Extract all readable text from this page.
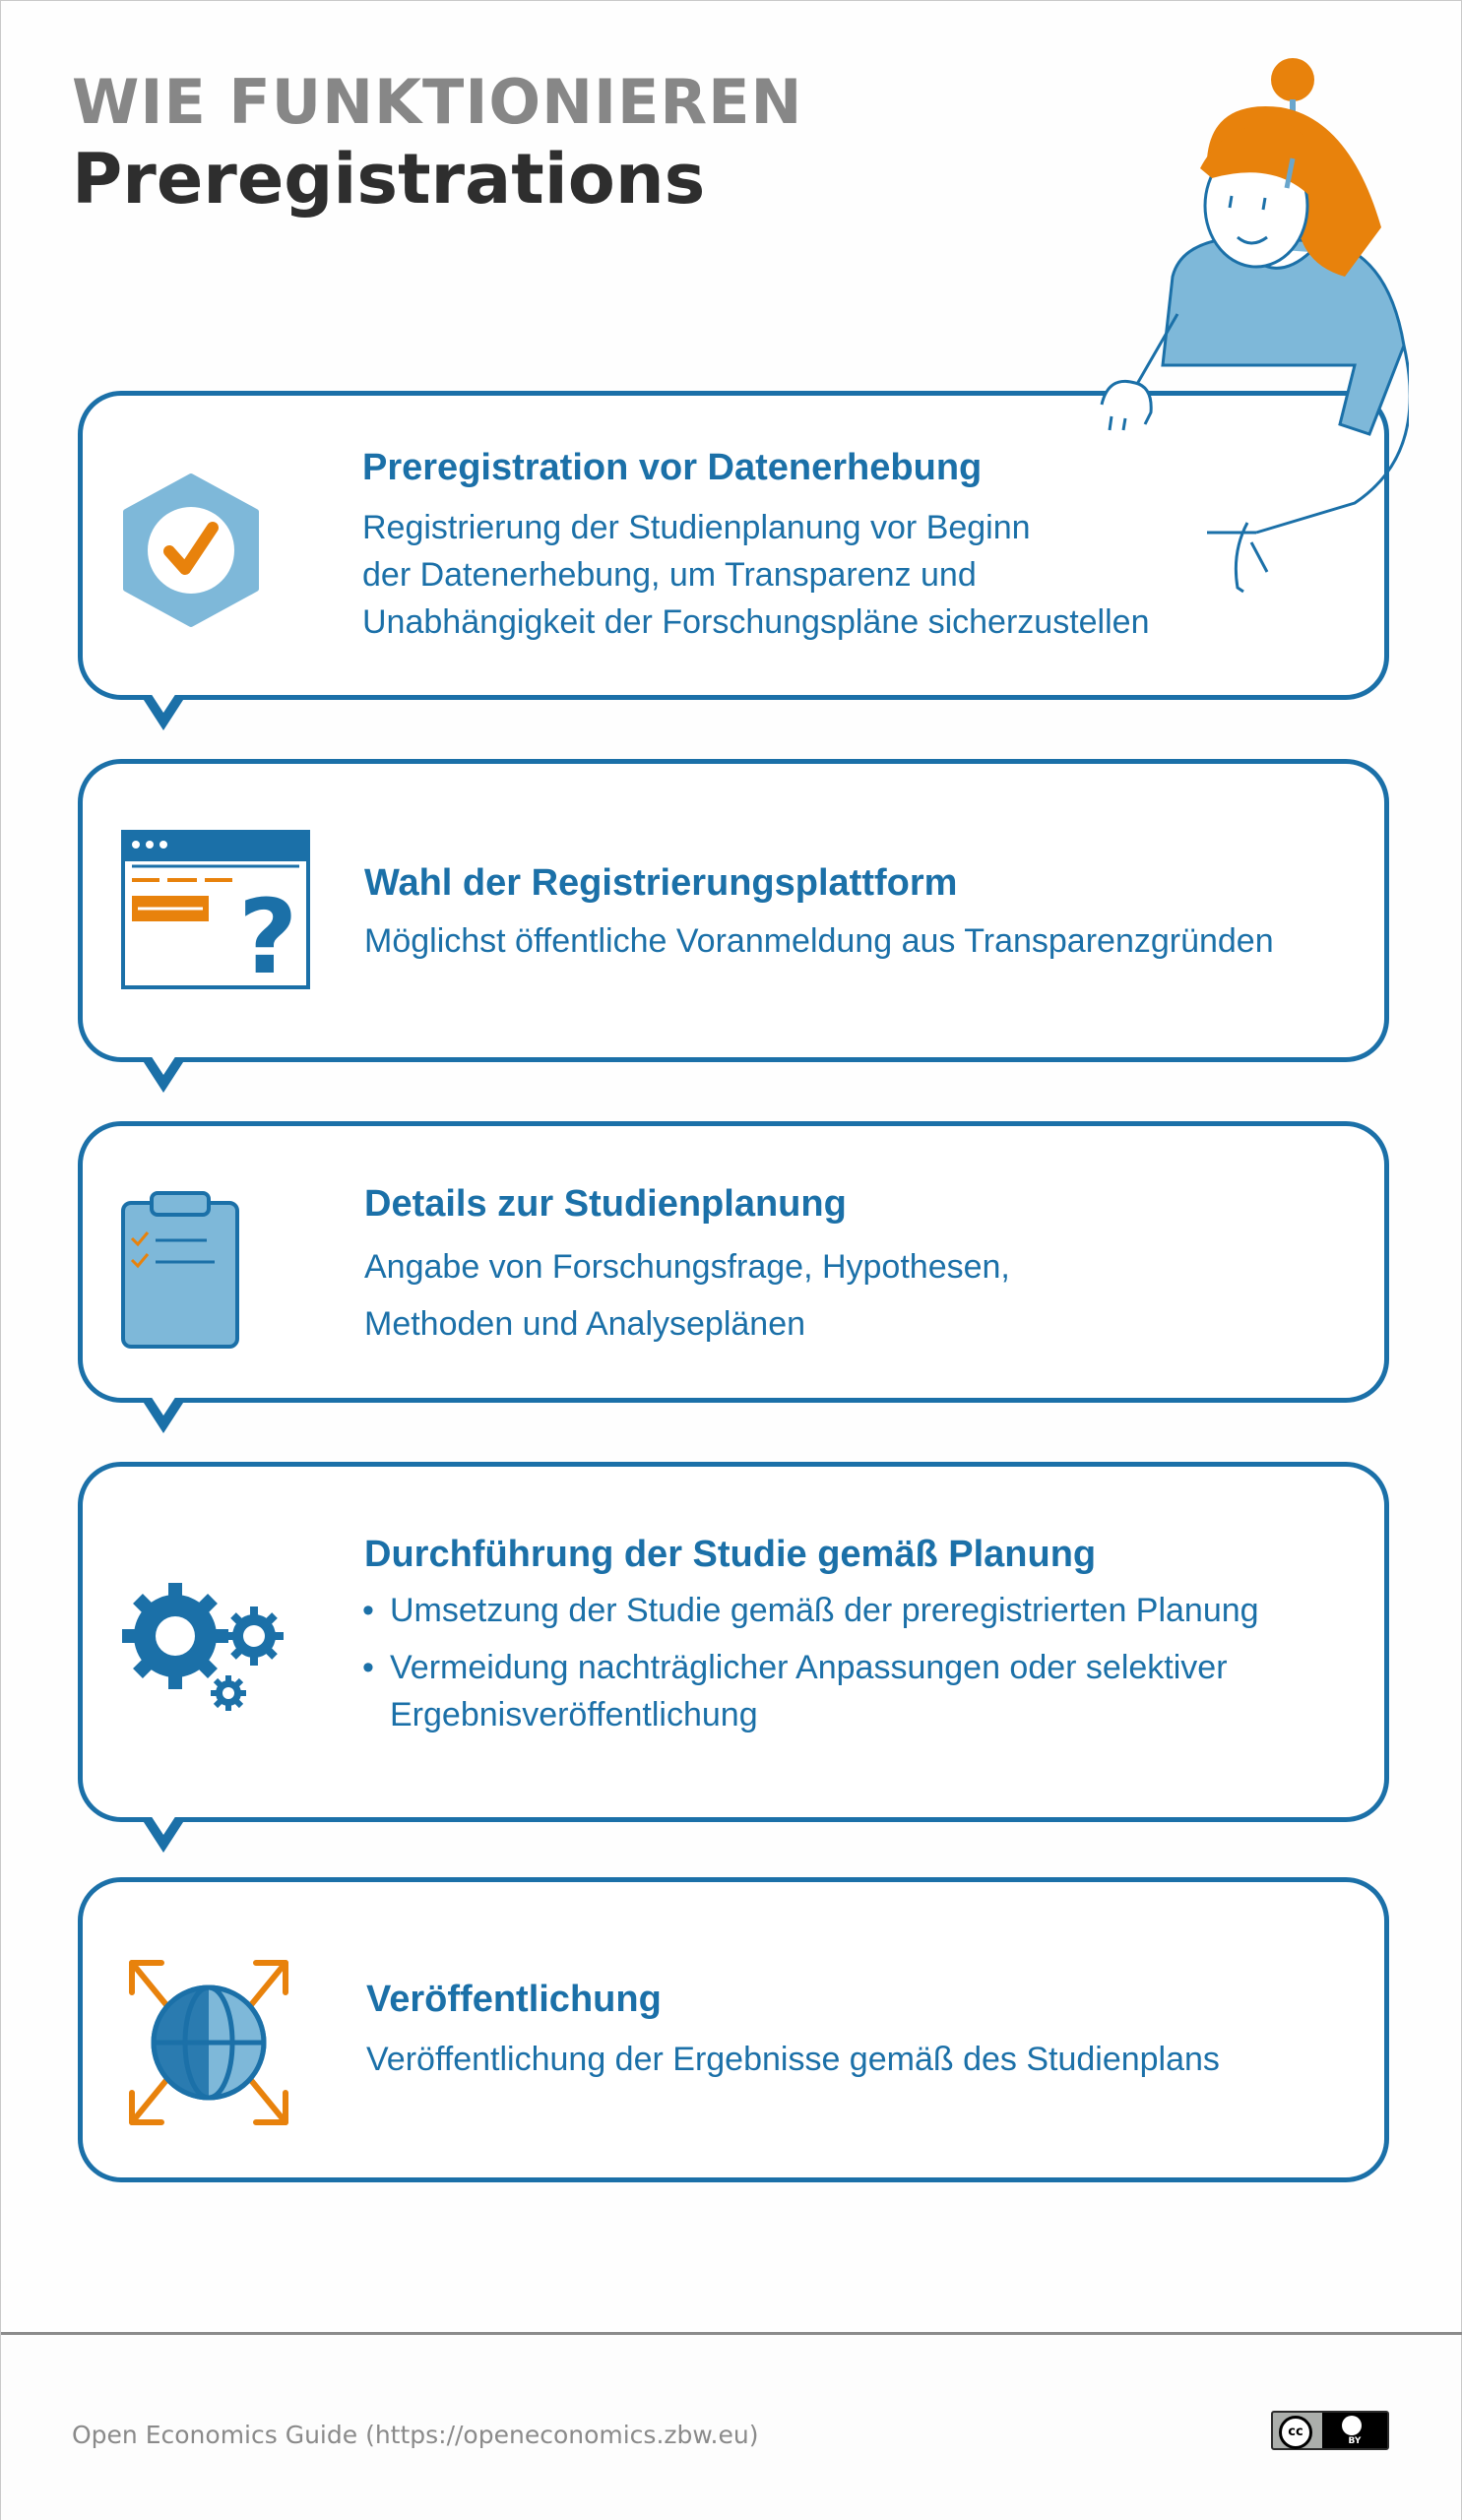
WIE FUNKTIONIEREN
Preregistrations
Preregistration vor Datenerhebung
Registrierung der Studienplanung vor Beginn
der Datenerhebung, um Transparenz und
Unabhängigkeit der Forschungspläne sicherzustellen
? Wahl der Registrierungsplattform
Möglichst öffentliche Voranmeldung aus Transparenzgründen
Details zur Studienplanung
Angabe von Forschungsfrage, Hypothesen,
Methoden und Analyseplänen
Durchführung der Studie gemäß Planung
• Umsetzung der Studie gemäß der preregistrierten Planung
• Vermeidung nachträglicher Anpassungen oder selektiver Ergebnisveröffentlichung
Veröffentlichung
Veröffentlichung der Ergebnisse gemäß des Studienplans
Open Economics Guide (https://openeconomics.zbw.eu)	cc
BY
